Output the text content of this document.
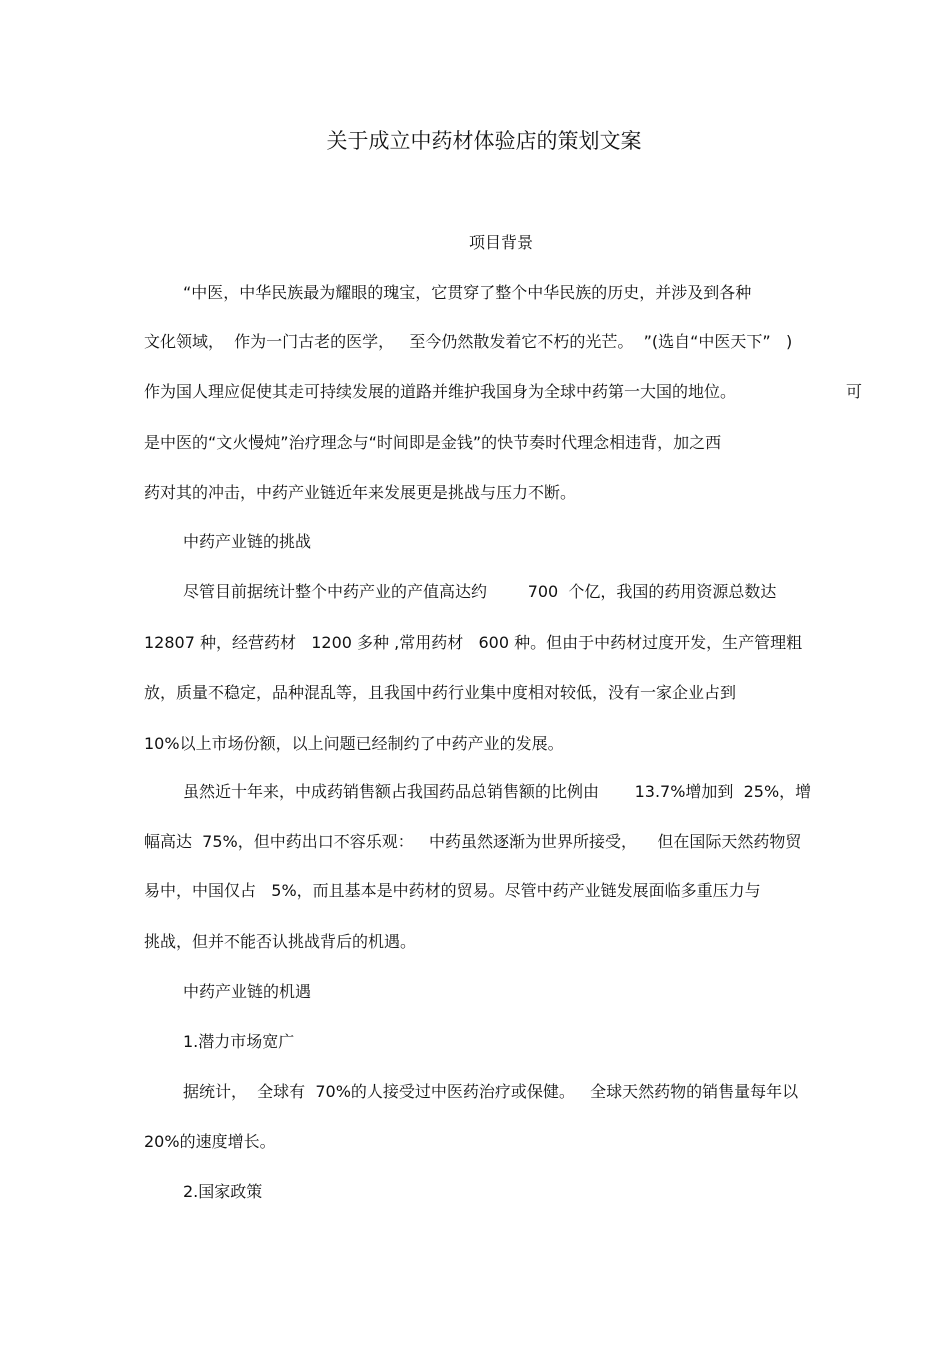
关于成立中药材体验店的策划文案
项目背景
“中医，中华民族最为耀眼的瑰宝，它贯穿了整个中华民族的历史，并涉及到各种
文化领域，  作为一门古老的医学，   至今仍然散发着它不朽的光芒。  ”(选自“中医天下”   )
作为国人理应促使其走可持续发展的道路并维护我国身为全球中药第一大国的地位。	可
是中医的“文火慢炖”治疗理念与“时间即是金钱”的快节奏时代理念相违背，加之西
药对其的冲击，中药产业链近年来发展更是挑战与压力不断。
中药产业链的挑战
尽管目前据统计整个中药产业的产值高达约        700  个亿，我国的药用资源总数达
12807 种，经营药材   1200 多种 ,常用药材   600 种。但由于中药材过度开发，生产管理粗
放，质量不稳定，品种混乱等，且我国中药行业集中度相对较低，没有一家企业占到
10%以上市场份额，以上问题已经制约了中药产业的发展。
虽然近十年来，中成药销售额占我国药品总销售额的比例由       13.7%增加到  25%，增
幅高达  75%，但中药出口不容乐观：   中药虽然逐渐为世界所接受，    但在国际天然药物贸
易中，中国仅占   5%，而且基本是中药材的贸易。尽管中药产业链发展面临多重压力与
挑战，但并不能否认挑战背后的机遇。
中药产业链的机遇
1.潜力市场宽广
据统计，  全球有  70%的人接受过中医药治疗或保健。   全球天然药物的销售量每年以
20%的速度增长。
2.国家政策
